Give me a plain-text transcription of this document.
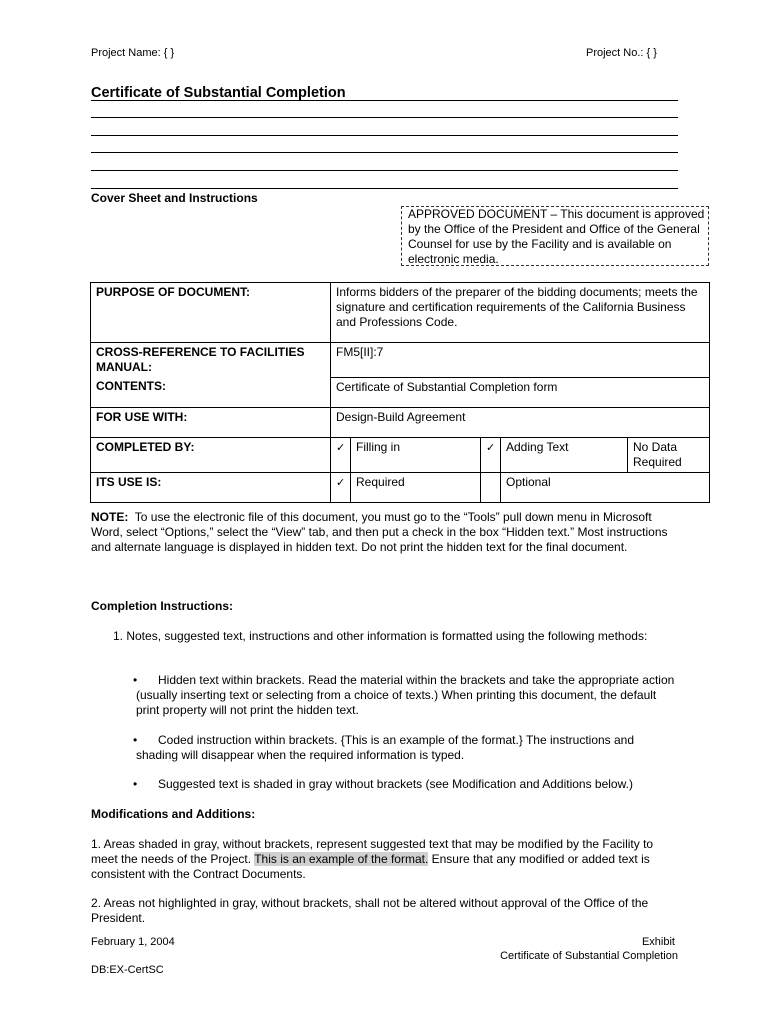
Project Name: { }	Project No.: { }
Certificate of Substantial Completion
Cover Sheet and Instructions
APPROVED DOCUMENT – This document is approved by the Office of the President and Office of the General Counsel for use by the Facility and is available on electronic media.
PURPOSE OF DOCUMENT:	Informs bidders of the preparer of the bidding documents; meets the signature and certification requirements of the California Business and Professions Code.				
CROSS-REFERENCE TO FACILITIES MANUAL:	FM5[II]:7				
CONTENTS:	Certificate of Substantial Completion form				
FOR USE WITH:	Design-Build Agreement				
COMPLETED BY:	✓	Filling in	✓	Adding Text	No Data Required
ITS USE IS:	✓	Required		Optional	
NOTE: To use the electronic file of this document, you must go to the “Tools” pull down menu in Microsoft Word, select “Options,” select the “View” tab, and then put a check in the box “Hidden text.” Most instructions and alternate language is displayed in hidden text. Do not print the hidden text for the final document.
Completion Instructions:
1. Notes, suggested text, instructions and other information is formatted using the following methods:
•	Hidden text within brackets. Read the material within the brackets and take the appropriate action (usually inserting text or selecting from a choice of texts.) When printing this document, the default print property will not print the hidden text.
•	Coded instruction within brackets. {This is an example of the format.} The instructions and shading will disappear when the required information is typed.
•	Suggested text is shaded in gray without brackets (see Modification and Additions below.)
Modifications and Additions:
1. Areas shaded in gray, without brackets, represent suggested text that may be modified by the Facility to meet the needs of the Project. This is an example of the format. Ensure that any modified or added text is consistent with the Contract Documents.
2. Areas not highlighted in gray, without brackets, shall not be altered without approval of the Office of the President.
February 1, 2004	Exhibit
Certificate of Substantial Completion
DB:EX-CertSC
